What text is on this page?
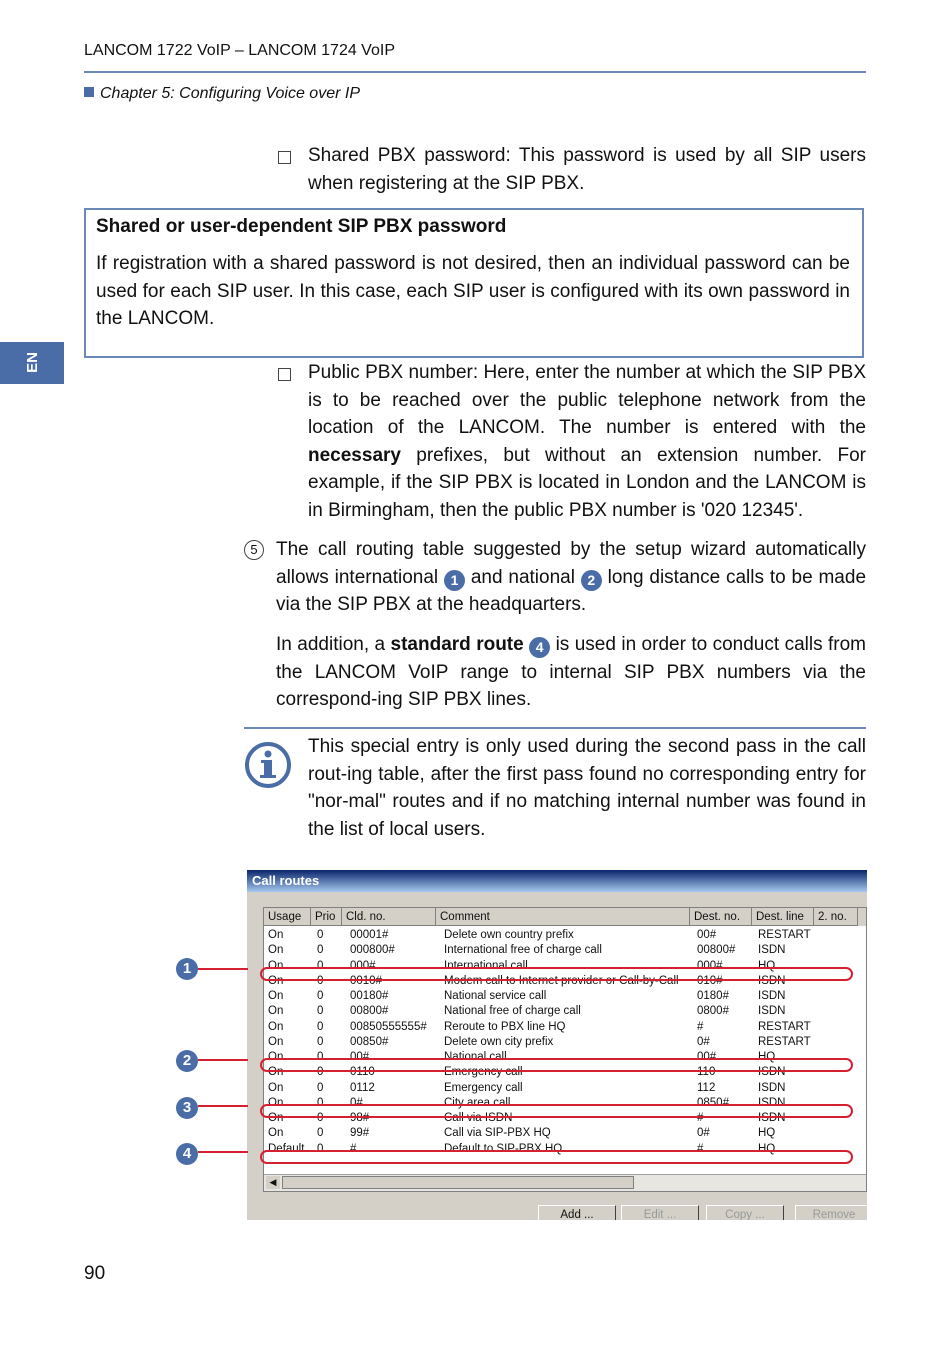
LANCOM 1722 VoIP – LANCOM 1724 VoIP
Chapter 5: Configuring Voice over IP
EN
Shared PBX password: This password is used by all SIP users when registering at the SIP PBX.
Shared or user-dependent SIP PBX password
If registration with a shared password is not desired, then an individual password can be used for each SIP user. In this case, each SIP user is configured with its own password in the LANCOM.
Public PBX number: Here, enter the number at which the SIP PBX is to be reached over the public telephone network from the location of the LANCOM. The number is entered with the necessary prefixes, but without an extension number. For example, if the SIP PBX is located in London and the LANCOM is in Birmingham, then the public PBX number is '020 12345'.
5 The call routing table suggested by the setup wizard automatically allows international 1 and national 2 long distance calls to be made via the SIP PBX at the headquarters.
In addition, a standard route 4 is used in order to conduct calls from the LANCOM VoIP range to internal SIP PBX numbers via the correspond-ing SIP PBX lines.
This special entry is only used during the second pass in the call rout-ing table, after the first pass found no corresponding entry for "nor-mal" routes and if no matching internal number was found in the list of local users.
Call routes
Usage	Prio Cld. no.	Comment	Dest. no.	Dest. line	2. no.
On	0 00001#	Delete own country prefix	00#	RESTART
On	0 000800#	International free of charge call	00800# ISDN
On	0 000#	International call	000#	HQ
On	0 0010#	Modem call to Internet provider or Call-by-Call 010#	ISDN
On	0 00180#	National service call	0180#	ISDN
On	0 00800#	National free of charge call	0800#	ISDN
On	0 00850555555# Reroute to PBX line HQ	#	RESTART
On	0 00850#	Delete own city prefix	0#	RESTART
On	0 00#	National call	00#	HQ
On	0 0110	Emergency call	110	ISDN
On	0 0112	Emergency call	112	ISDN
On	0 0#	City area call	0850#	ISDN
On	0 98#	Call via ISDN	#	ISDN
On	0 99#	Call via SIP-PBX HQ	0#	HQ
Default 0 #	Default to SIP-PBX HQ	#	HQ
◀
Add ...	Edit ...	Copy ...	Remove
1
2
3
4
90
